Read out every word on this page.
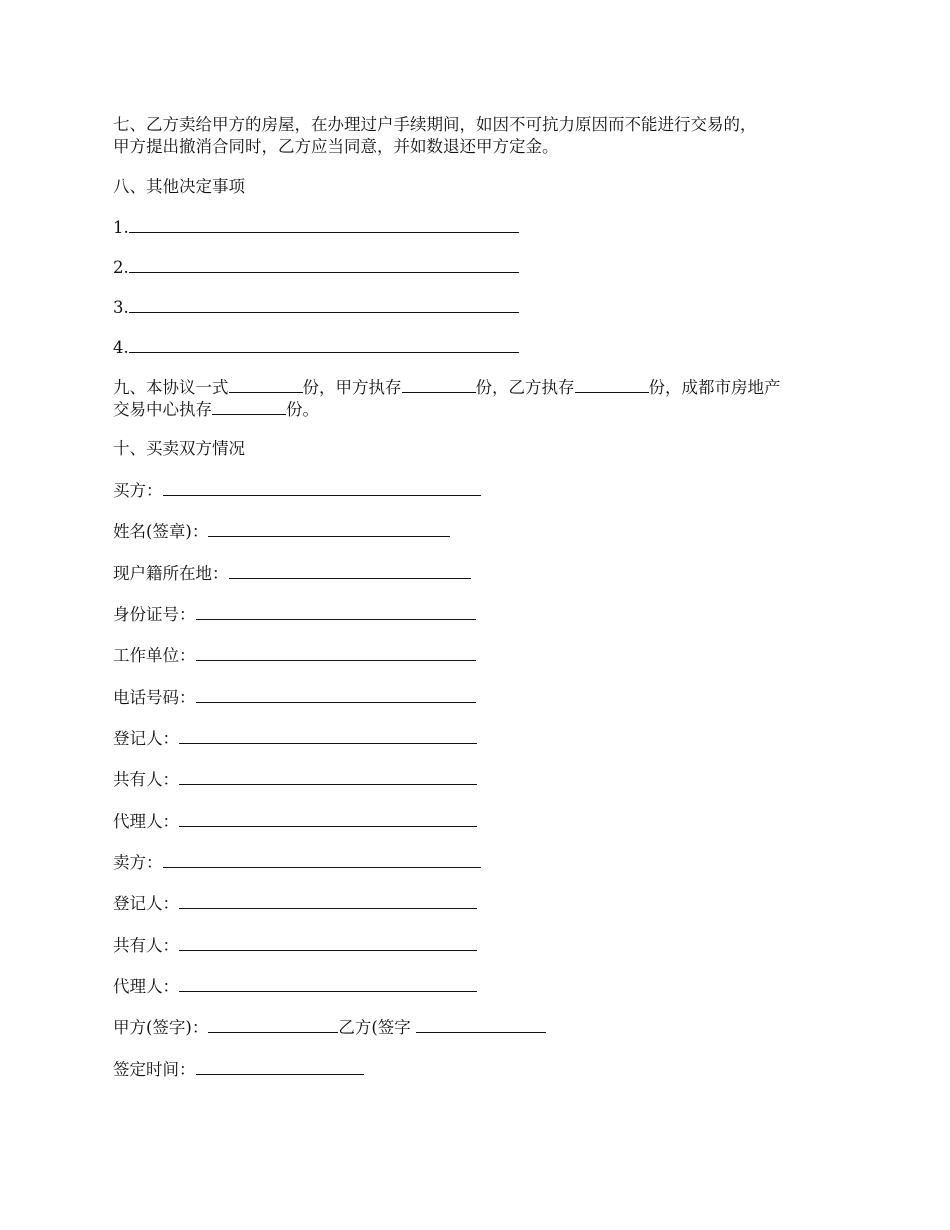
七、乙方卖给甲方的房屋，在办理过户手续期间，如因不可抗力原因而不能进行交易的，
甲方提出撤消合同时，乙方应当同意，并如数退还甲方定金。
八、其他决定事项
1.
2.
3.
4.
九、本协议一式	份，甲方执存	份，乙方执存	份，成都市房地产
交易中心执存	份。
十、买卖双方情况
买方：
姓名(签章)：
现户籍所在地：
身份证号：
工作单位：
电话号码：
登记人：
共有人：
代理人：
卖方：
登记人：
共有人：
代理人：
甲方(签字)：	乙方(签字
签定时间：
